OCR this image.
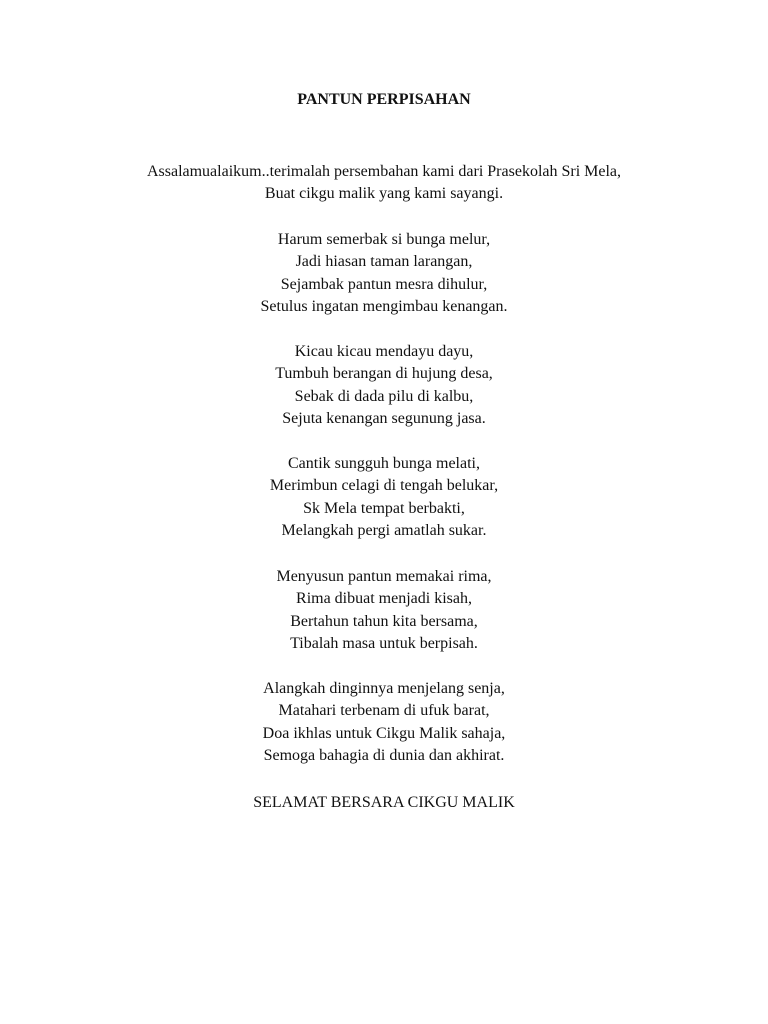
PANTUN PERPISAHAN
Assalamualaikum..terimalah persembahan kami dari Prasekolah Sri Mela,
Buat cikgu malik yang kami sayangi.
Harum semerbak si bunga melur,
Jadi hiasan taman larangan,
Sejambak pantun mesra dihulur,
Setulus ingatan mengimbau kenangan.
Kicau kicau mendayu dayu,
Tumbuh berangan di hujung desa,
Sebak di dada pilu di kalbu,
Sejuta kenangan segunung jasa.
Cantik sungguh bunga melati,
Merimbun celagi di tengah belukar,
Sk Mela tempat berbakti,
Melangkah pergi amatlah sukar.
Menyusun pantun memakai rima,
Rima dibuat menjadi kisah,
Bertahun tahun kita bersama,
Tibalah masa untuk berpisah.
Alangkah dinginnya menjelang senja,
Matahari terbenam di ufuk barat,
Doa ikhlas untuk Cikgu Malik sahaja,
Semoga bahagia di dunia dan akhirat.
SELAMAT BERSARA CIKGU MALIK
